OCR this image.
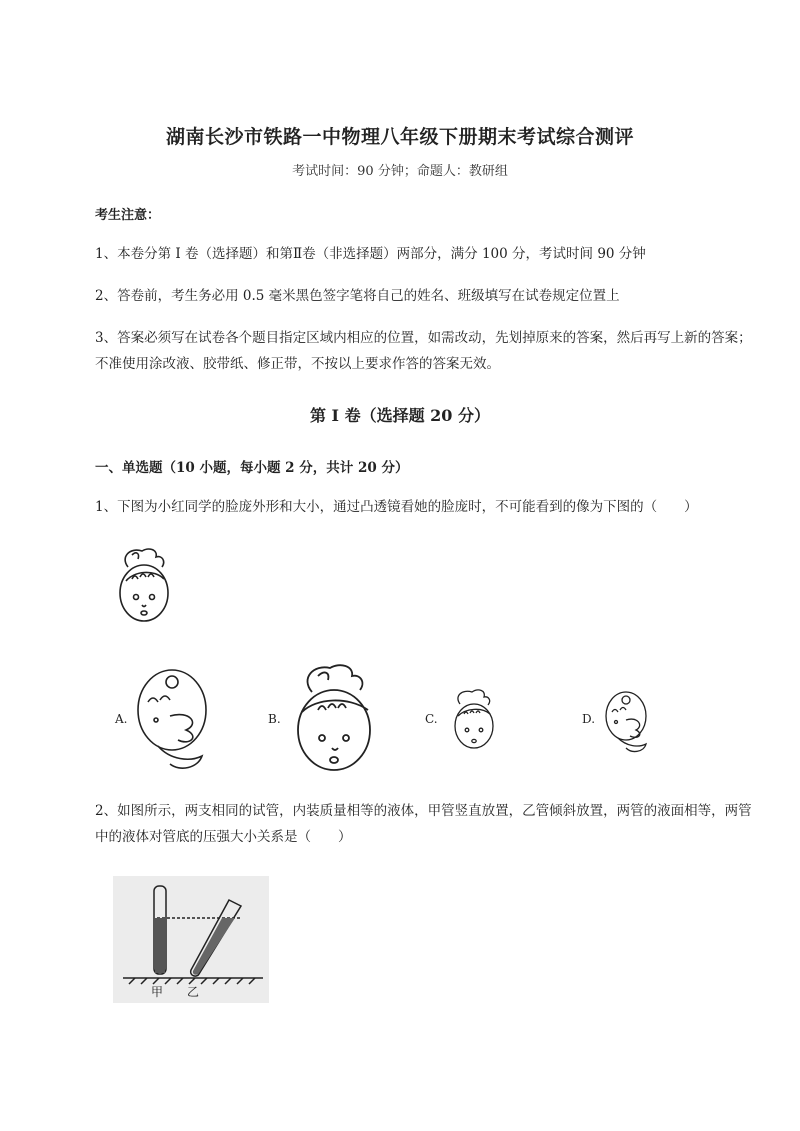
湖南长沙市铁路一中物理八年级下册期末考试综合测评
考试时间：90 分钟；命题人：教研组
考生注意：
1、本卷分第 I 卷（选择题）和第Ⅱ卷（非选择题）两部分，满分 100 分，考试时间 90 分钟
2、答卷前，考生务必用 0.5 毫米黑色签字笔将自己的姓名、班级填写在试卷规定位置上
3、答案必须写在试卷各个题目指定区域内相应的位置，如需改动，先划掉原来的答案，然后再写上新的答案；不准使用涂改液、胶带纸、修正带，不按以上要求作答的答案无效。
第 I 卷（选择题 20 分）
一、单选题（10 小题，每小题 2 分，共计 20 分）
1、下图为小红同学的脸庞外形和大小，通过凸透镜看她的脸庞时，不可能看到的像为下图的（　　）
A.	B.	C.	D.
2、如图所示，两支相同的试管，内装质量相等的液体，甲管竖直放置，乙管倾斜放置，两管的液面相等，两管中的液体对管底的压强大小关系是（　　）
甲 乙
